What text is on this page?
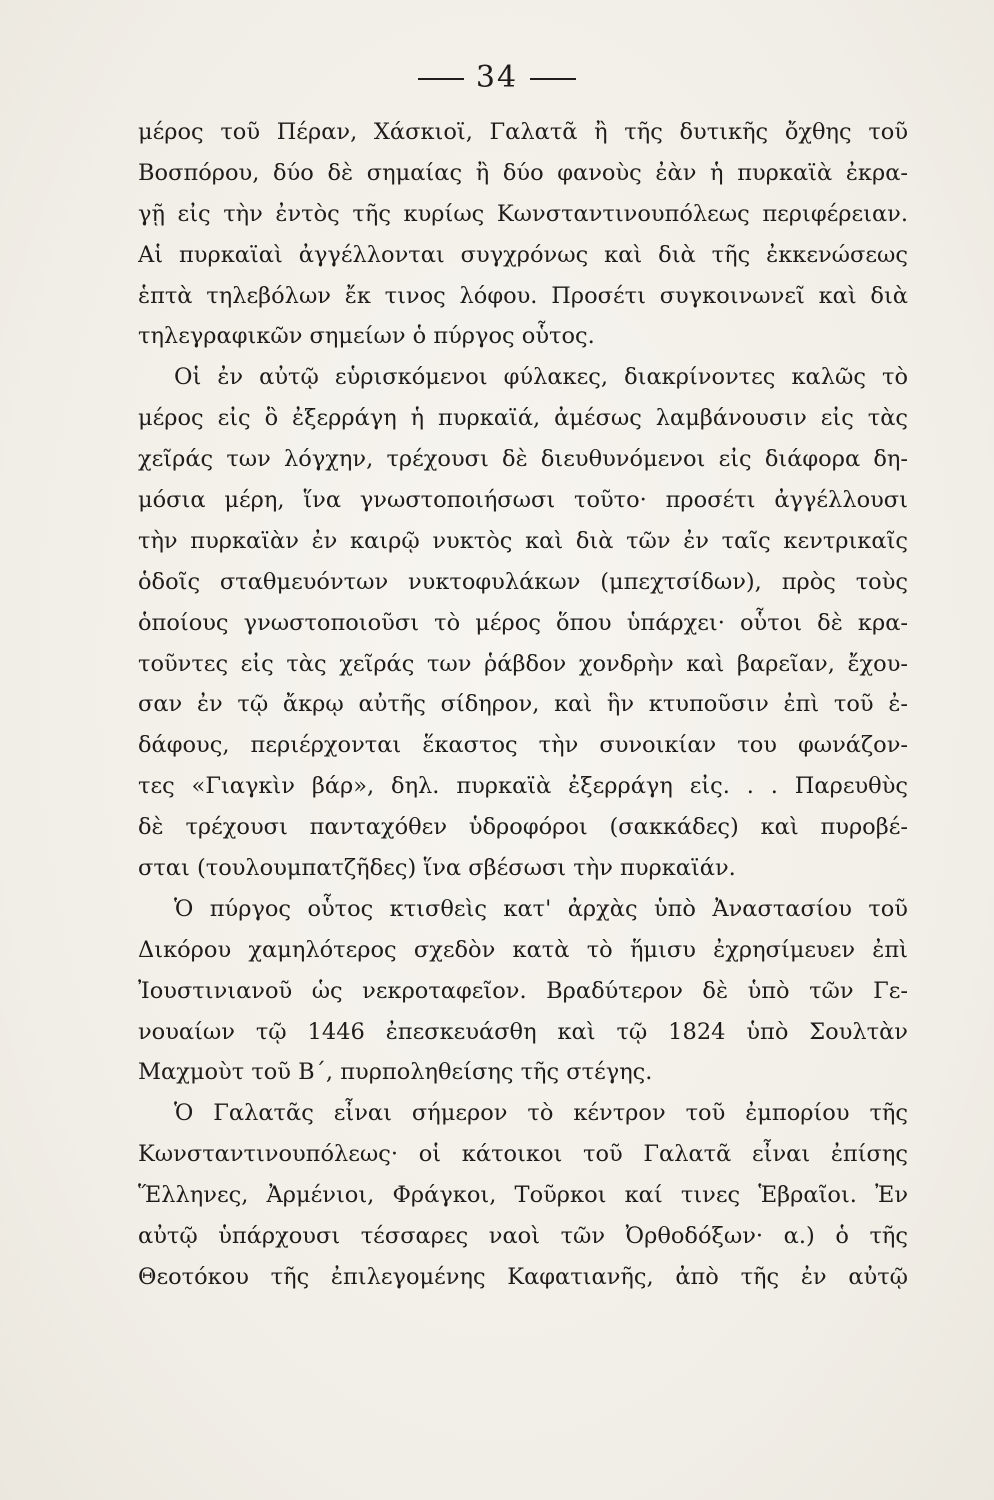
34
μέρος τοῦ Πέραν, Χάσκιοϊ, Γαλατᾶ ἢ τῆς δυτικῆς ὄχθης τοῦ
Βοσπόρου, δύο δὲ σημαίας ἢ δύο φανοὺς ἐὰν ἡ πυρκαϊὰ ἐκρα-
γῇ εἰς τὴν ἐντὸς τῆς κυρίως Κωνσταντινουπόλεως περιφέρειαν.
Αἱ πυρκαϊαὶ ἀγγέλλονται συγχρόνως καὶ διὰ τῆς ἐκκενώσεως
ἑπτὰ τηλεβόλων ἔκ τινος λόφου. Προσέτι συγκοινωνεῖ καὶ διὰ
τηλεγραφικῶν σημείων ὁ πύργος οὗτος.
Οἱ ἐν αὐτῷ εὑρισκόμενοι φύλακες, διακρίνοντες καλῶς τὸ
μέρος εἰς ὃ ἐξερράγη ἡ πυρκαϊά, ἀμέσως λαμβάνουσιν εἰς τὰς
χεῖράς των λόγχην, τρέχουσι δὲ διευθυνόμενοι εἰς διάφορα δη-
μόσια μέρη, ἵνα γνωστοποιήσωσι τοῦτο· προσέτι ἀγγέλλουσι
τὴν πυρκαϊὰν ἐν καιρῷ νυκτὸς καὶ διὰ τῶν ἐν ταῖς κεντρικαῖς
ὁδοῖς σταθμευόντων νυκτοφυλάκων (μπεχτσίδων), πρὸς τοὺς
ὁποίους γνωστοποιοῦσι τὸ μέρος ὅπου ὑπάρχει· οὗτοι δὲ κρα-
τοῦντες εἰς τὰς χεῖράς των ῥάβδον χονδρὴν καὶ βαρεῖαν, ἔχου-
σαν ἐν τῷ ἄκρῳ αὐτῆς σίδηρον, καὶ ἣν κτυποῦσιν ἐπὶ τοῦ ἐ-
δάφους, περιέρχονται ἕκαστος τὴν συνοικίαν του φωνάζον-
τες «Γιαγκὶν βάρ», δηλ. πυρκαϊὰ ἐξερράγη εἰς. . . Παρευθὺς
δὲ τρέχουσι πανταχόθεν ὑδροφόροι (σακκάδες) καὶ πυροβέ-
σται (τουλουμπατζῆδες) ἵνα σβέσωσι τὴν πυρκαϊάν.
Ὁ πύργος οὗτος κτισθεὶς κατ' ἀρχὰς ὑπὸ Ἀναστασίου τοῦ
Δικόρου χαμηλότερος σχεδὸν κατὰ τὸ ἥμισυ ἐχρησίμευεν ἐπὶ
Ἰουστινιανοῦ ὡς νεκροταφεῖον. Βραδύτερον δὲ ὑπὸ τῶν Γε-
νουαίων τῷ 1446 ἐπεσκευάσθη καὶ τῷ 1824 ὑπὸ Σουλτὰν
Μαχμοὺτ τοῦ Β΄, πυρποληθείσης τῆς στέγης.
Ὁ Γαλατᾶς εἶναι σήμερον τὸ κέντρον τοῦ ἐμπορίου τῆς
Κωνσταντινουπόλεως· οἱ κάτοικοι τοῦ Γαλατᾶ εἶναι ἐπίσης
Ἕλληνες, Ἀρμένιοι, Φράγκοι, Τοῦρκοι καί τινες Ἑβραῖοι. Ἐν
αὐτῷ ὑπάρχουσι τέσσαρες ναοὶ τῶν Ὀρθοδόξων· α.) ὁ τῆς
Θεοτόκου τῆς ἐπιλεγομένης Καφατιανῆς, ἀπὸ τῆς ἐν αὐτῷ
